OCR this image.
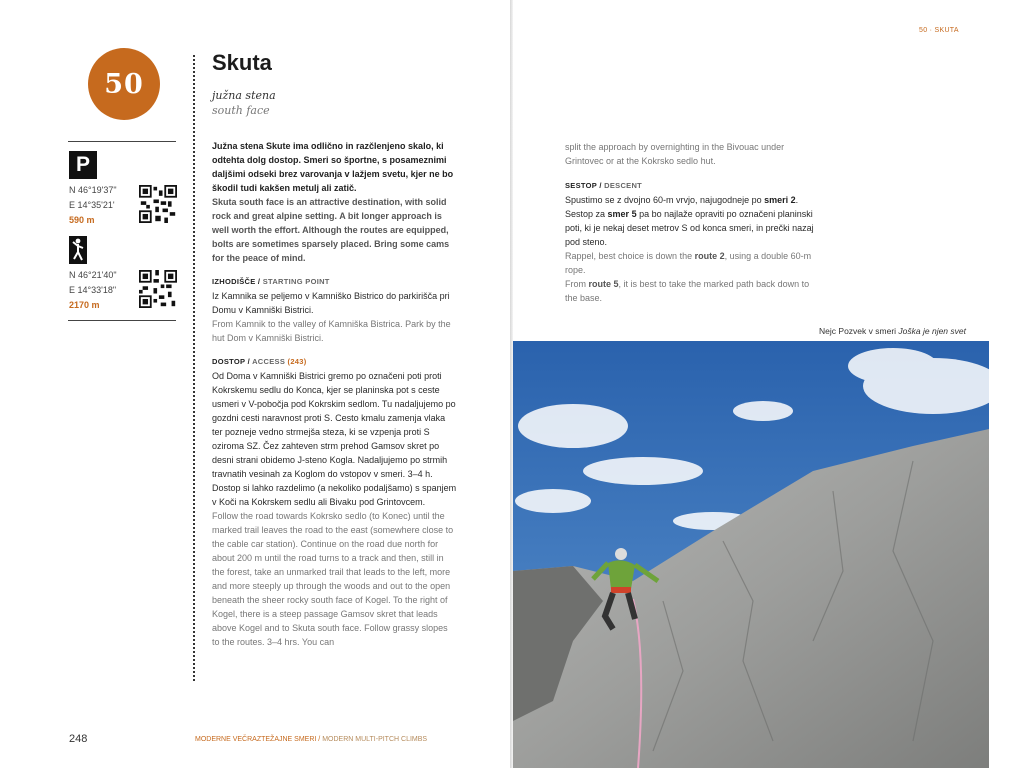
50
P
N 46°19'37"
E 14°35'21'
590 m
N 46°21'40"
E 14°33'18"
2170 m
Skuta
južna stena
south face

Južna stena Skute ima odlično in razčlenjeno skalo, ki odtehta dolg dostop. Smeri so športne, s posameznimi daljšimi odseki brez varovanja v lažjem svetu, kjer ne bo škodil tudi kakšen metulj ali zatič.

Skuta south face is an attractive destination, with solid rock and great alpine setting. A bit longer approach is well worth the effort. Although the routes are equipped, bolts are sometimes sparsely placed. Bring some cams for the peace of mind.

IZHODIŠČE / STARTING POINT

Iz Kamnika se peljemo v Kamniško Bistrico do parkirišča pri Domu v Kamniški Bistrici.

From Kamnik to the valley of Kamniška Bistrica. Park by the hut Dom v Kamniški Bistrici.

DOSTOP / ACCESS (243)

Od Doma v Kamniški Bistrici gremo po označeni poti proti Kokrskemu sedlu do Konca, kjer se planinska pot s ceste usmeri v V-pobočja pod Kokrskim sedlom. Tu nadaljujemo po gozdni cesti naravnost proti S. Cesto kmalu zamenja vlaka ter pozneje vedno strmejša steza, ki se vzpenja proti S oziroma SZ. Čez zahteven strm prehod Gamsov skret po desni strani obidemo J-steno Kogla. Nadaljujemo po strmih travnatih vesinah za Koglom do vstopov v smeri. 3–4 h. Dostop si lahko razdelimo (a nekoliko podaljšamo) s spanjem v Koči na Kokrskem sedlu ali Bivaku pod Grintovcem.

Follow the road towards Kokrsko sedlo (to Konec) until the marked trail leaves the road to the east (somewhere close to the cable car station). Continue on the road due north for about 200 m until the road turns to a track and then, still in the forest, take an unmarked trail that leads to the left, more and more steeply up through the woods and out to the open beneath the sheer rocky south face of Kogel. To the right of Kogel, there is a steep passage Gamsov skret that leads above Kogel and to Skuta south face. Follow grassy slopes to the routes. 3–4 hrs. You can

248	MODERNE VEČRAZTEŽAJNE SMERI / MODERN MULTI-PITCH CLIMBS
50 · SKUTA

split the approach by overnighting in the Bivouac under Grintovec or at the Kokrsko sedlo hut.

SESTOP / DESCENT

Spustimo se z dvojno 60-m vrvjo, najugodneje po smeri 2. Sestop za smer 5 pa bo najlaže opraviti po označeni planinski poti, ki je nekaj deset metrov S od konca smeri, in prečki nazaj pod steno.

Rappel, best choice is down the route 2, using a double 60-m rope.

From route 5, it is best to take the marked path back down to the base.

Nejc Pozvek v smeri Joška je njen svet
